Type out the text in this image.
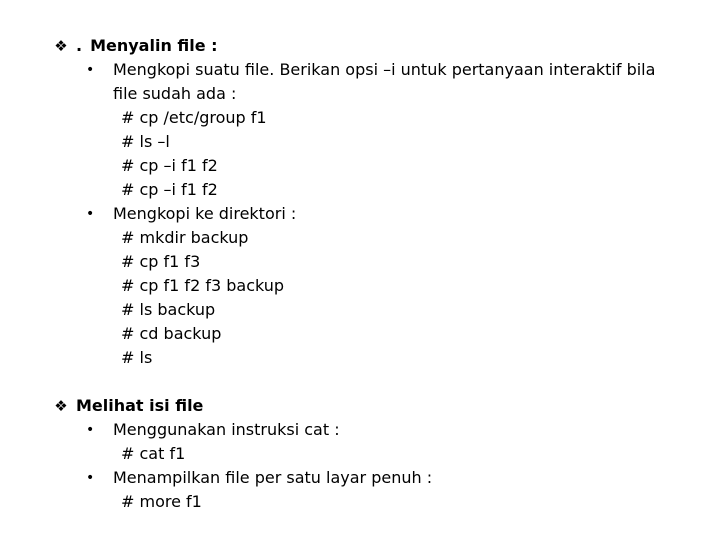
❖ . Menyalin file :
• Mengkopi suatu file. Berikan opsi –i untuk pertanyaan interaktif bila
file sudah ada :
# cp /etc/group f1
# ls –l
# cp –i f1 f2
# cp –i f1 f2
• Mengkopi ke direktori :
# mkdir backup
# cp f1 f3
# cp f1 f2 f3 backup
# ls backup
# cd backup
# ls
❖ Melihat isi file
• Menggunakan instruksi cat :
# cat f1
• Menampilkan file per satu layar penuh :
# more f1
